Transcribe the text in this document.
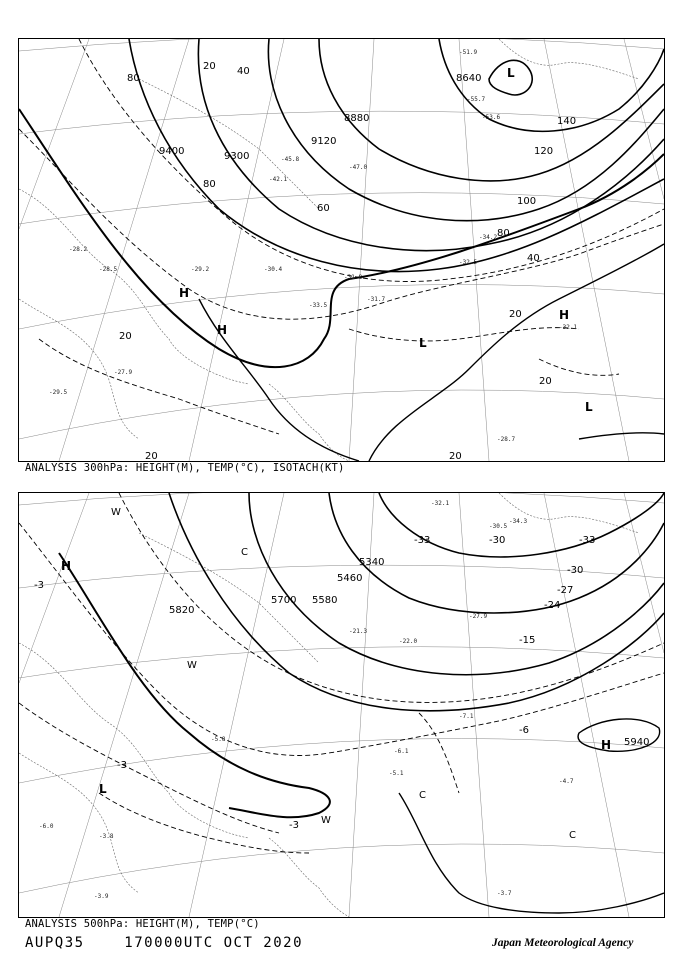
9300
9120
8880
8640
9400
20 40
60
80
100
120
140
80
80
20
20
20
40
20	20
H
H
L
H
L
L
-28.2
-28.5
-27.9
-29.5
-31.7
-31.8
-32.1
-28.7
-33.5
-42.1
-45.8
-47.0
-51.9
-53.6
-55.7
-29.2	-30.4
-32.5
-34.2
ANALYSIS 300hPa: HEIGHT(M), TEMP(°C), ISOTACH(KT)
5700 5580
5460
5340
5940
5820
-3
-3
-3
-6
-15
-24
-27
-30
-33	-33
-30
H
L
H
W
W
C
C
C
W
-4.7
-3.7
-5.1
-6.1
-7.1
-3.9
-5.8
-21.3
-22.0
-27.9
-32.1
-30.5
-34.3
-6.0
-3.8
ANALYSIS 500hPa: HEIGHT(M), TEMP(°C)
AUPQ35	170000UTC OCT 2020	Japan Meteorological Agency
